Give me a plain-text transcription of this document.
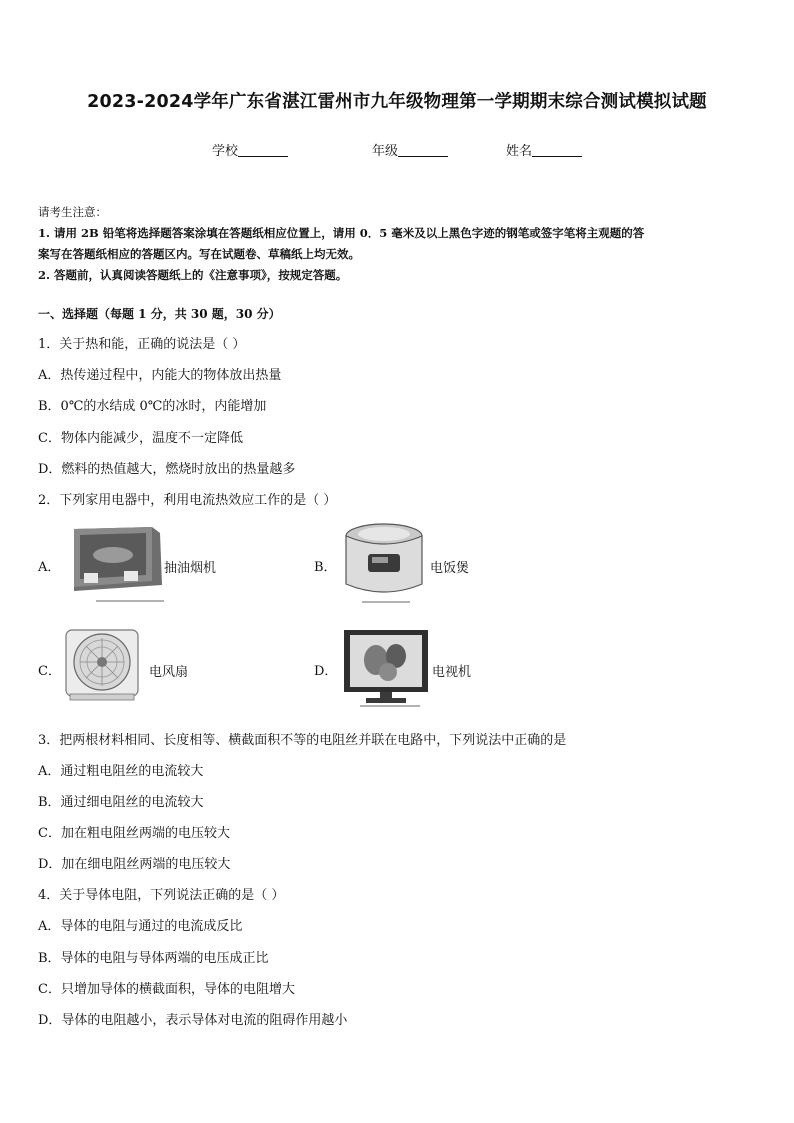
2023-2024学年广东省湛江雷州市九年级物理第一学期期末综合测试模拟试题
学校	年级	姓名
请考生注意：
1. 请用 2B 铅笔将选择题答案涂填在答题纸相应位置上，请用 0．5 毫米及以上黑色字迹的钢笔或签字笔将主观题的答
案写在答题纸相应的答题区内。写在试题卷、草稿纸上均无效。
2. 答题前，认真阅读答题纸上的《注意事项》，按规定答题。
一、选择题（每题 1 分，共 30 题，30 分）
1．关于热和能，正确的说法是（ ）
A．热传递过程中，内能大的物体放出热量
B．0℃的水结成 0℃的冰时，内能增加
C．物体内能减少，温度不一定降低
D．燃料的热值越大，燃烧时放出的热量越多
2．下列家用电器中，利用电流热效应工作的是（ ）
A．	抽油烟机	B．	电饭煲
C．	电风扇	D．	电视机
3．把两根材料相同、长度相等、横截面积不等的电阻丝并联在电路中，下列说法中正确的是
A．通过粗电阻丝的电流较大
B．通过细电阻丝的电流较大
C．加在粗电阻丝两端的电压较大
D．加在细电阻丝两端的电压较大
4．关于导体电阻，下列说法正确的是（ ）
A．导体的电阻与通过的电流成反比
B．导体的电阻与导体两端的电压成正比
C．只增加导体的横截面积，导体的电阻增大
D．导体的电阻越小，表示导体对电流的阻碍作用越小
